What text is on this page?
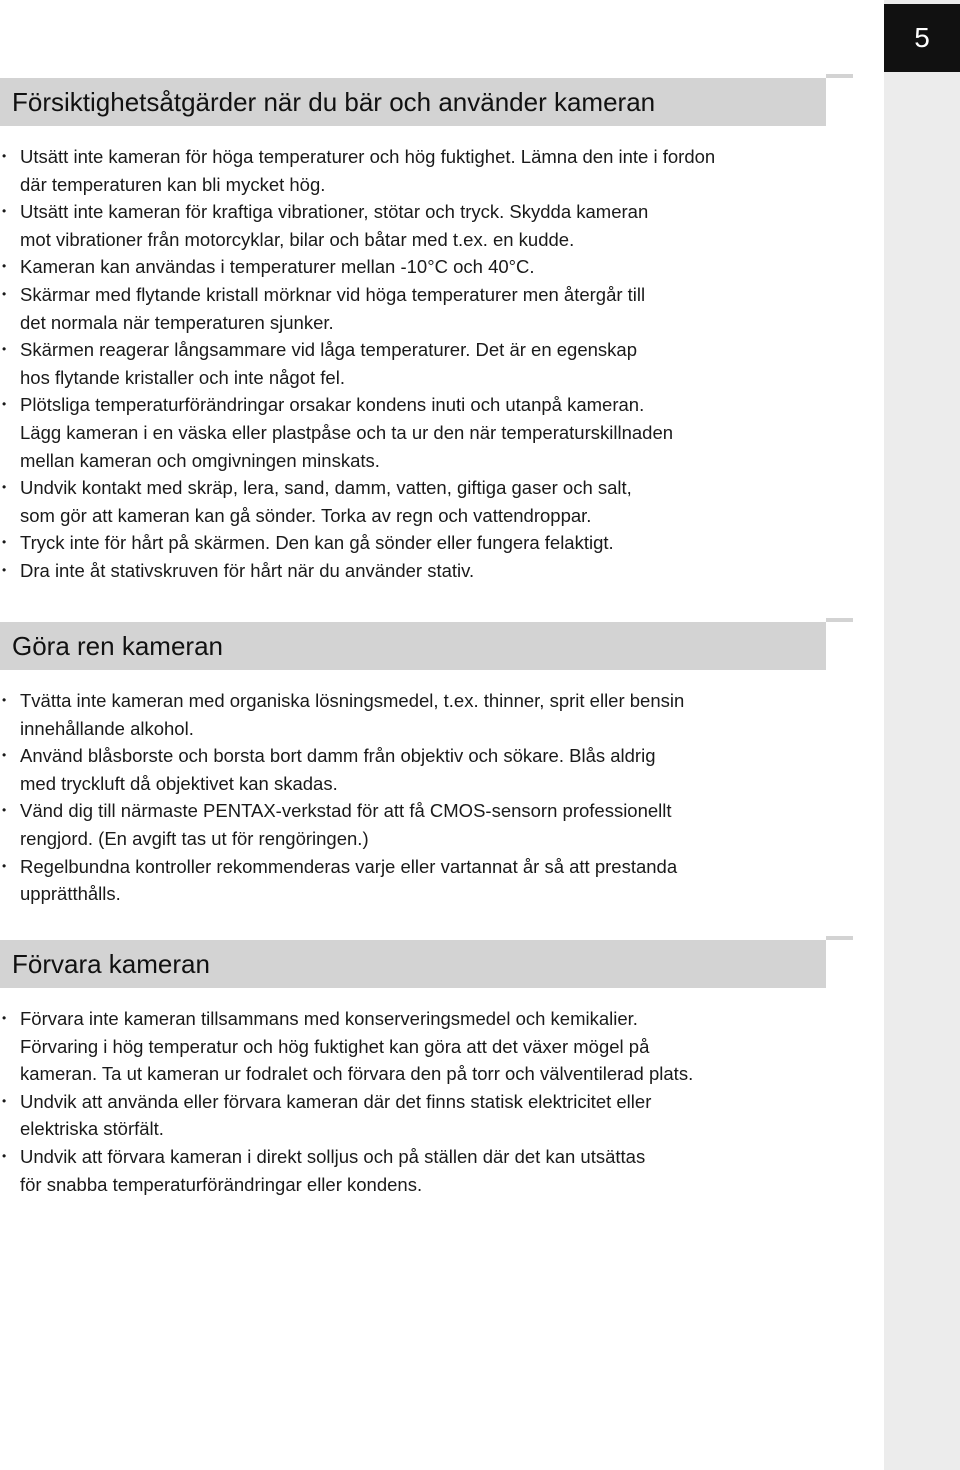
5
Försiktighetsåtgärder när du bär och använder kameran
• Utsätt inte kameran för höga temperaturer och hög fuktighet. Lämna den inte i fordon
där temperaturen kan bli mycket hög.
• Utsätt inte kameran för kraftiga vibrationer, stötar och tryck. Skydda kameran
mot vibrationer från motorcyklar, bilar och båtar med t.ex. en kudde.
• Kameran kan användas i temperaturer mellan -10°C och 40°C.
• Skärmar med flytande kristall mörknar vid höga temperaturer men återgår till
det normala när temperaturen sjunker.
• Skärmen reagerar långsammare vid låga temperaturer. Det är en egenskap
hos flytande kristaller och inte något fel.
• Plötsliga temperaturförändringar orsakar kondens inuti och utanpå kameran.
Lägg kameran i en väska eller plastpåse och ta ur den när temperaturskillnaden
mellan kameran och omgivningen minskats.
• Undvik kontakt med skräp, lera, sand, damm, vatten, giftiga gaser och salt,
som gör att kameran kan gå sönder. Torka av regn och vattendroppar.
• Tryck inte för hårt på skärmen. Den kan gå sönder eller fungera felaktigt.
• Dra inte åt stativskruven för hårt när du använder stativ.
Göra ren kameran
• Tvätta inte kameran med organiska lösningsmedel, t.ex. thinner, sprit eller bensin
innehållande alkohol.
• Använd blåsborste och borsta bort damm från objektiv och sökare. Blås aldrig
med tryckluft då objektivet kan skadas.
• Vänd dig till närmaste PENTAX-verkstad för att få CMOS-sensorn professionellt
rengjord. (En avgift tas ut för rengöringen.)
• Regelbundna kontroller rekommenderas varje eller vartannat år så att prestanda
upprätthålls.
Förvara kameran
• Förvara inte kameran tillsammans med konserveringsmedel och kemikalier.
Förvaring i hög temperatur och hög fuktighet kan göra att det växer mögel på
kameran. Ta ut kameran ur fodralet och förvara den på torr och välventilerad plats.
• Undvik att använda eller förvara kameran där det finns statisk elektricitet eller
elektriska störfält.
• Undvik att förvara kameran i direkt solljus och på ställen där det kan utsättas
för snabba temperaturförändringar eller kondens.
